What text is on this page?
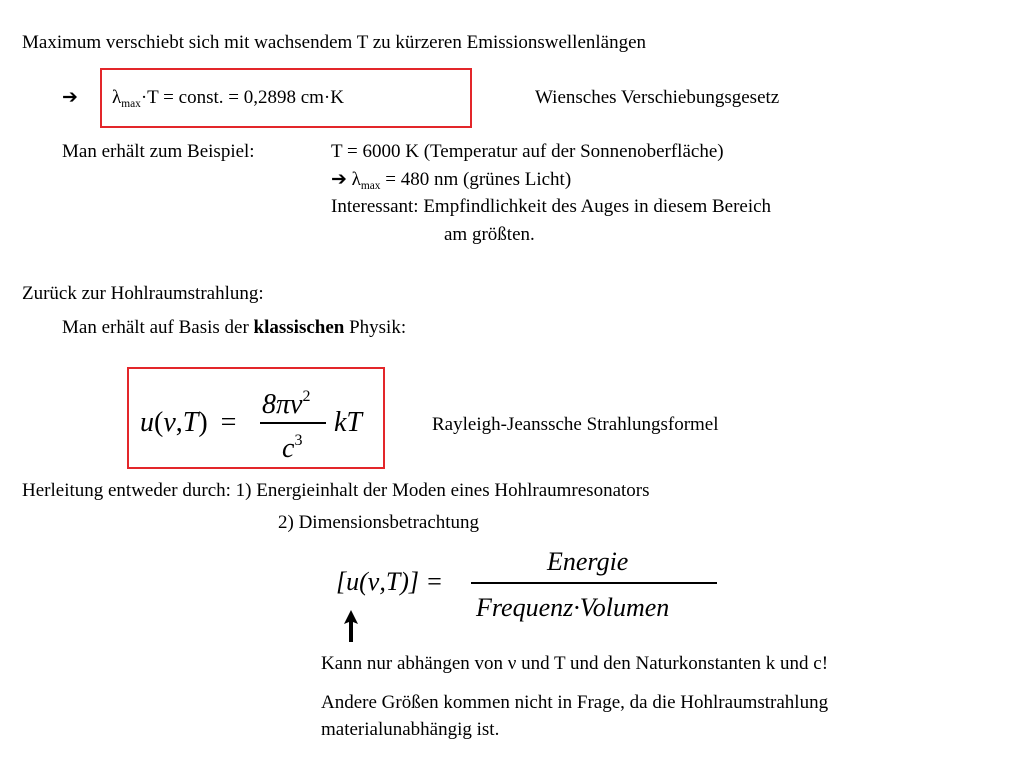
Maximum verschiebt sich mit wachsendem T zu kürzeren Emissionswellenlängen
➔ $\lambda_{max}\cdot T$ = const. = 0,2898 cm·K	Wiensches Verschiebungsgesetz
Man erhält zum Beispiel:	T = 6000 K (Temperatur auf der Sonnenoberfläche)
➔ $\lambda_{max} = 480$ nm (grünes Licht)
Interessant: Empfindlichkeit des Auges in diesem Bereich
am größten.
Zurück zur Hohlraumstrahlung:
Man erhält auf Basis der klassischen Physik:
u(ν,T) =
$8\pi\nu^2$
$c^3$
kT	Rayleigh-Jeanssche Strahlungsformel
Herleitung entweder durch: 1) Energieinhalt der Moden eines Hohlraumresonators
2) Dimensionsbetrachtung
[u(ν,T)] =
Energie
Frequenz·Volumen
Kann nur abhängen von ν und T und den Naturkonstanten k und c!
Andere Größen kommen nicht in Frage, da die Hohlraumstrahlung
materialunabhängig ist.
